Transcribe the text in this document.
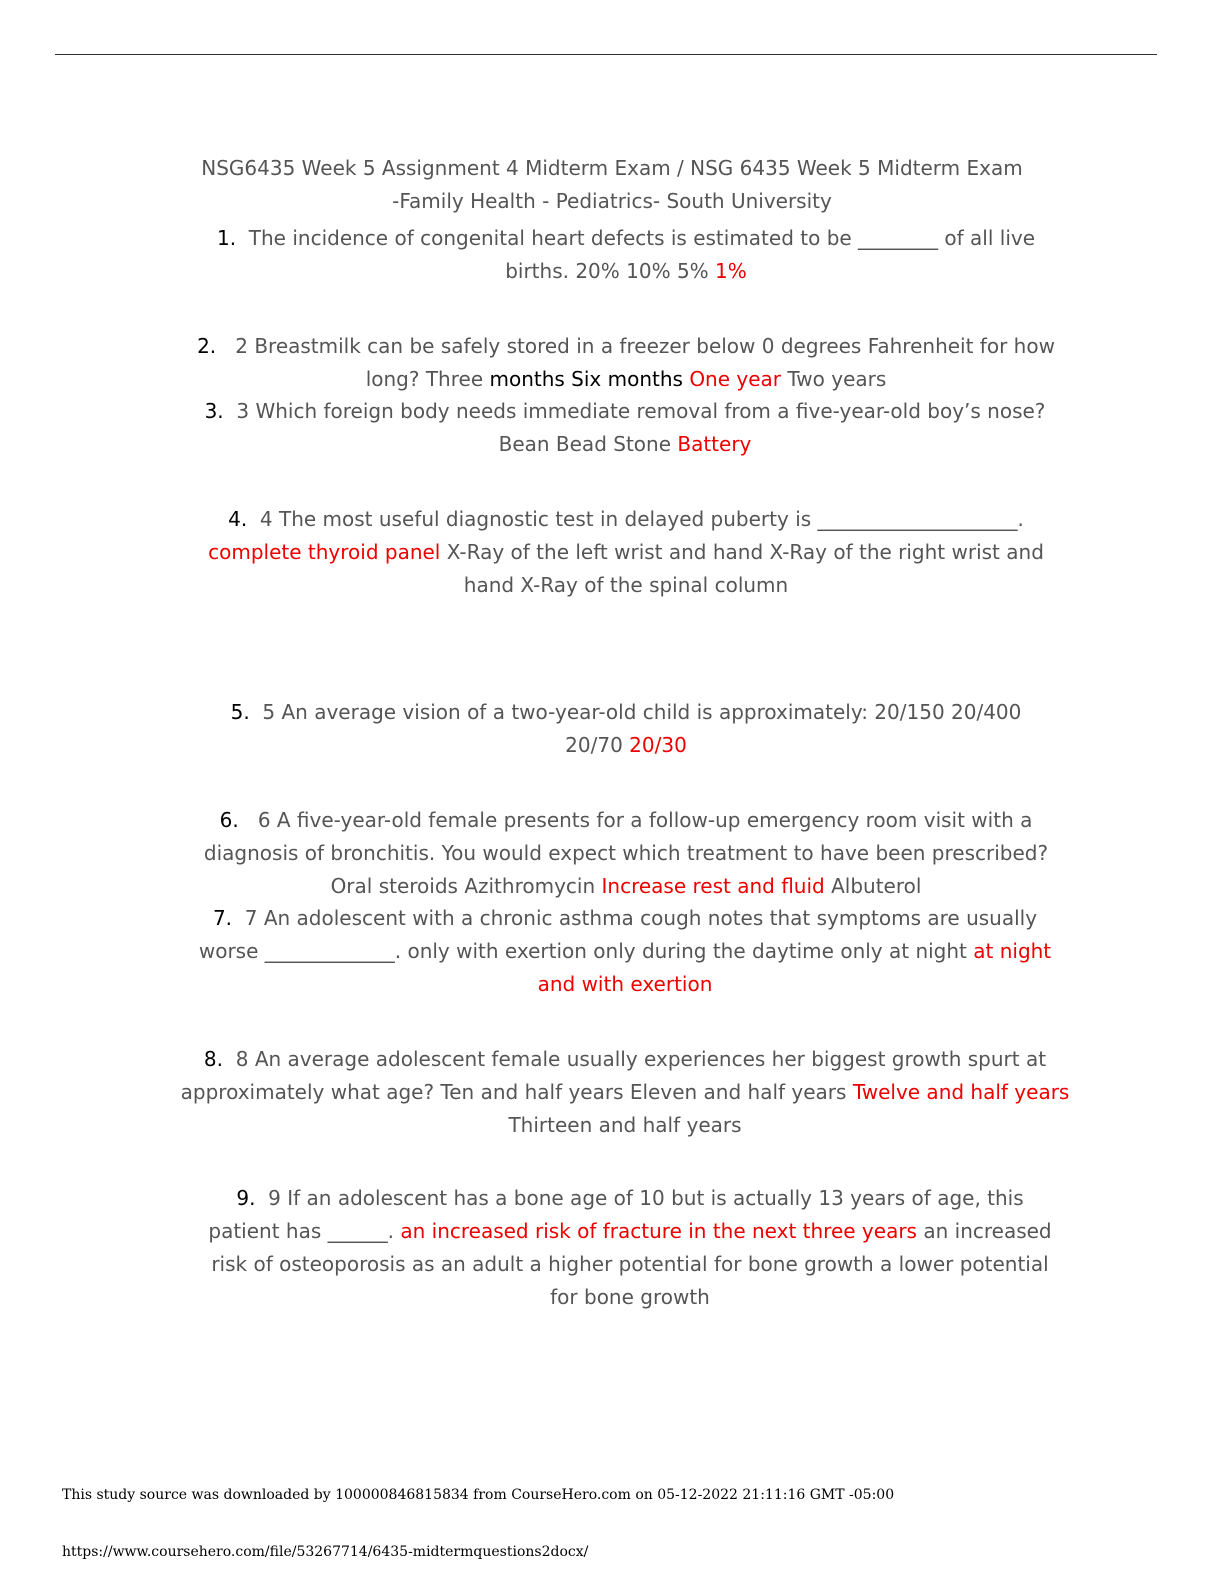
NSG6435 Week 5 Assignment 4 Midterm Exam / NSG 6435 Week 5 Midterm Exam
-Family Health - Pediatrics- South University
1. The incidence of congenital heart defects is estimated to be ________ of all live births. 20% 10% 5% 1%
2. 2 Breastmilk can be safely stored in a freezer below 0 degrees Fahrenheit for how long? Three months Six months One year Two years
3. 3 Which foreign body needs immediate removal from a five-year-old boy’s nose? Bean Bead Stone Battery
4. 4 The most useful diagnostic test in delayed puberty is ____________________. complete thyroid panel X-Ray of the left wrist and hand X-Ray of the right wrist and hand X-Ray of the spinal column
5. 5 An average vision of a two-year-old child is approximately: 20/150 20/400 20/70 20/30
6. 6 A five-year-old female presents for a follow-up emergency room visit with a diagnosis of bronchitis. You would expect which treatment to have been prescribed? Oral steroids Azithromycin Increase rest and fluid Albuterol
7. 7 An adolescent with a chronic asthma cough notes that symptoms are usually worse _____________. only with exertion only during the daytime only at night at night and with exertion
8. 8 An average adolescent female usually experiences her biggest growth spurt at approximately what age? Ten and half years Eleven and half years Twelve and half years Thirteen and half years
9. 9 If an adolescent has a bone age of 10 but is actually 13 years of age, this patient has ______. an increased risk of fracture in the next three years an increased risk of osteoporosis as an adult a higher potential for bone growth a lower potential for bone growth
This study source was downloaded by 100000846815834 from CourseHero.com on 05-12-2022 21:11:16 GMT -05:00
https://www.coursehero.com/file/53267714/6435-midtermquestions2docx/
